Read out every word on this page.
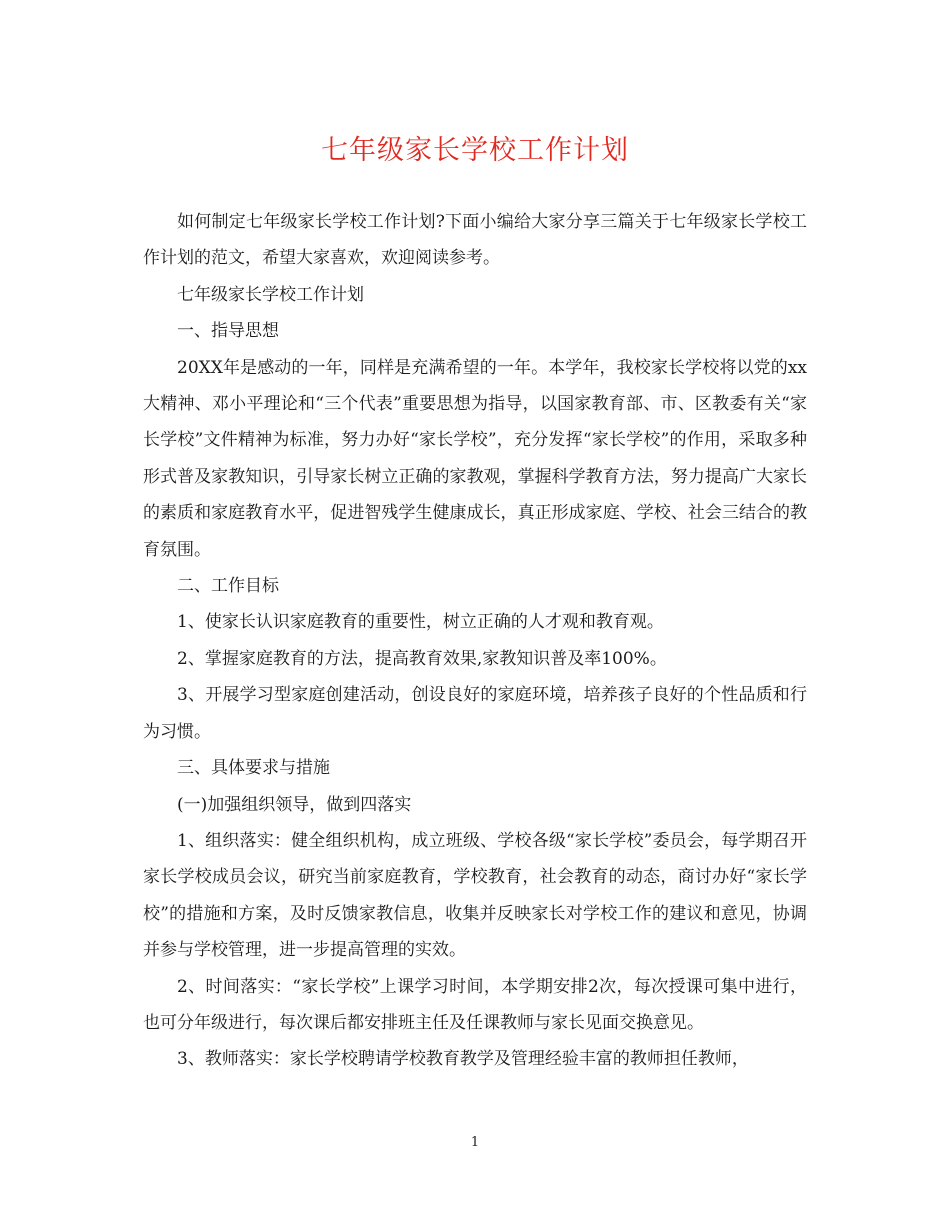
七年级家长学校工作计划

如何制定七年级家长学校工作计划?下面小编给大家分享三篇关于七年级家长学校工作计划的范文，希望大家喜欢，欢迎阅读参考。

七年级家长学校工作计划

一、指导思想

20XX年是感动的一年，同样是充满希望的一年。本学年，我校家长学校将以党的xx大精神、邓小平理论和“三个代表”重要思想为指导，以国家教育部、市、区教委有关“家长学校”文件精神为标准，努力办好“家长学校”，充分发挥“家长学校”的作用，采取多种形式普及家教知识，引导家长树立正确的家教观，掌握科学教育方法，努力提高广大家长的素质和家庭教育水平，促进智残学生健康成长，真正形成家庭、学校、社会三结合的教育氛围。

二、工作目标

1、使家长认识家庭教育的重要性，树立正确的人才观和教育观。

2、掌握家庭教育的方法，提高教育效果,家教知识普及率100%。

3、开展学习型家庭创建活动，创设良好的家庭环境，培养孩子良好的个性品质和行为习惯。

三、具体要求与措施

(一)加强组织领导，做到四落实

1、组织落实：健全组织机构，成立班级、学校各级“家长学校”委员会，每学期召开家长学校成员会议，研究当前家庭教育，学校教育，社会教育的动态，商讨办好“家长学校”的措施和方案，及时反馈家教信息，收集并反映家长对学校工作的建议和意见，协调并参与学校管理，进一步提高管理的实效。

2、时间落实：“家长学校”上课学习时间，本学期安排2次，每次授课可集中进行，也可分年级进行，每次课后都安排班主任及任课教师与家长见面交换意见。

3、教师落实：家长学校聘请学校教育教学及管理经验丰富的教师担任教师，

1
